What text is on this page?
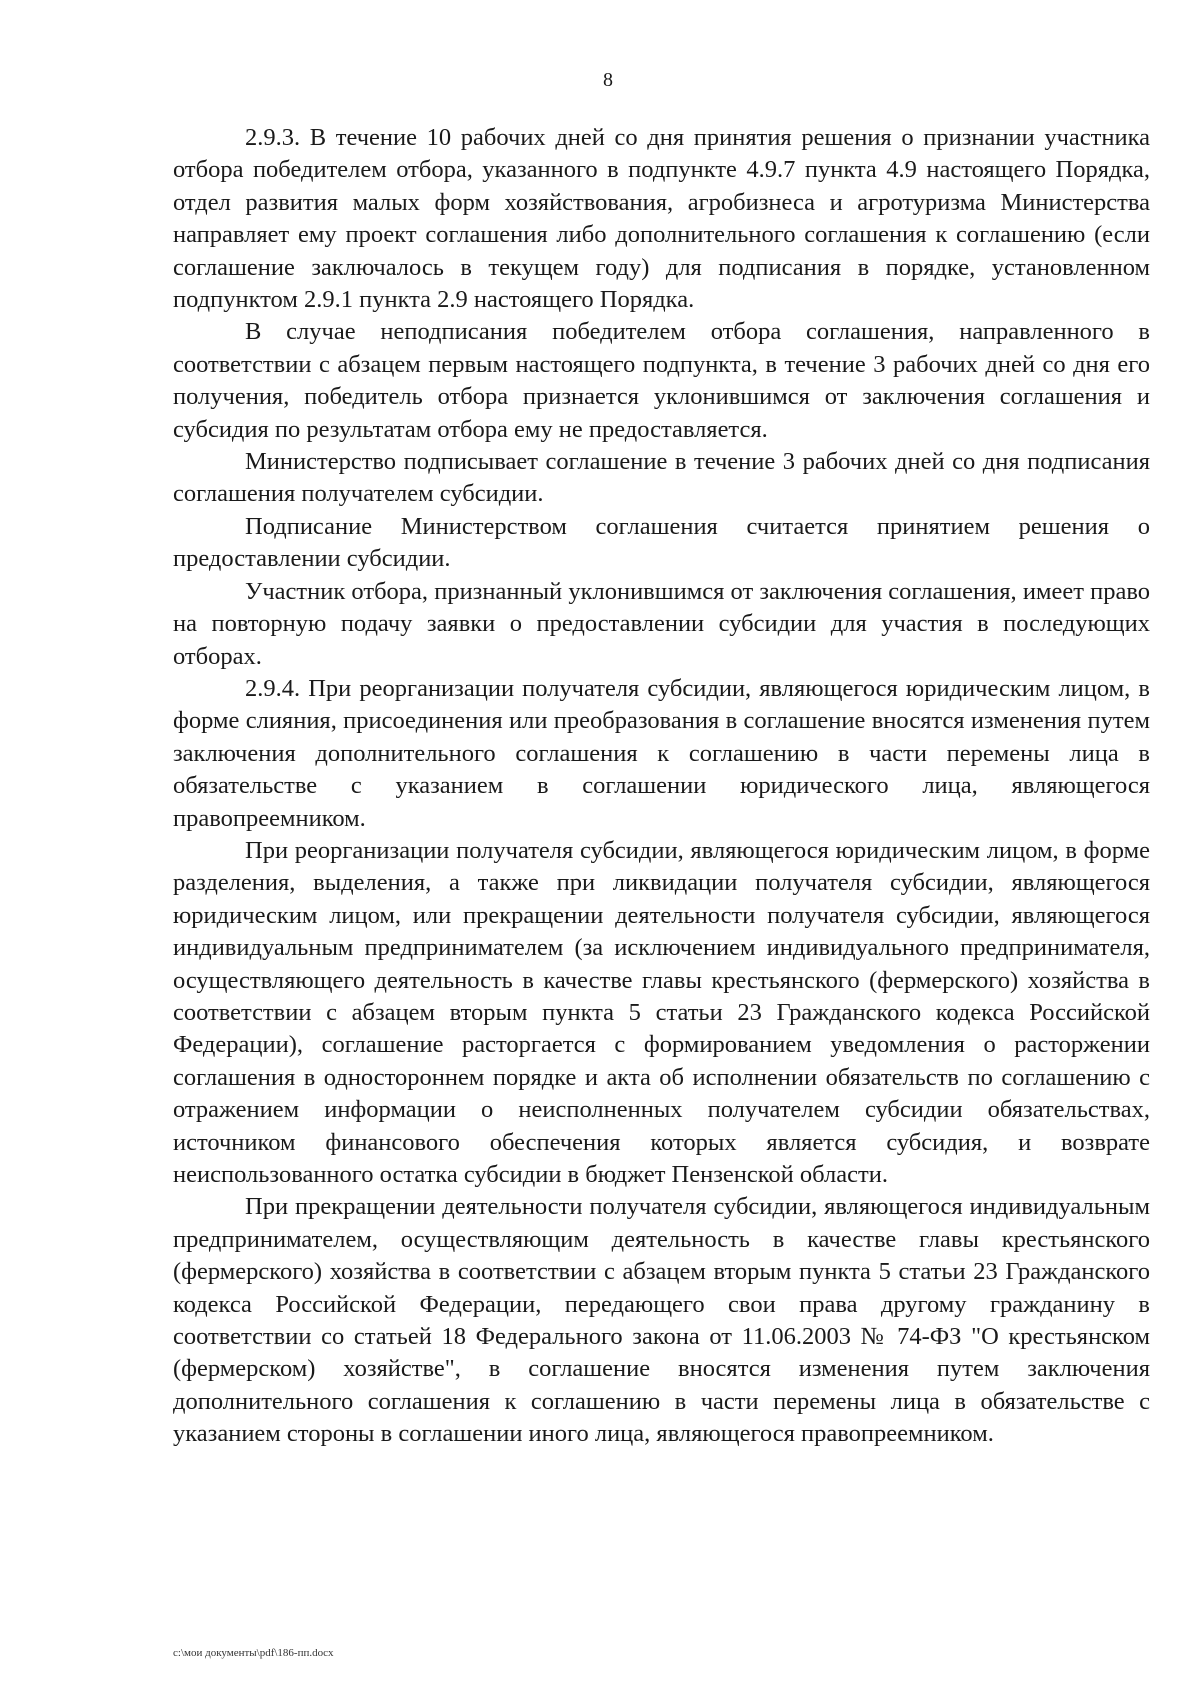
8

2.9.3. В течение 10 рабочих дней со дня принятия решения о признании участника отбора победителем отбора, указанного в подпункте 4.9.7 пункта 4.9 настоящего Порядка, отдел развития малых форм хозяйствования, агробизнеса и агротуризма Министерства направляет ему проект соглашения либо дополнительного соглашения к соглашению (если соглашение заключалось в текущем году) для подписания в порядке, установленном подпунктом 2.9.1 пункта 2.9 настоящего Порядка.

В случае неподписания победителем отбора соглашения, направленного в соответствии с абзацем первым настоящего подпункта, в течение 3 рабочих дней со дня его получения, победитель отбора признается уклонившимся от заключения соглашения и субсидия по результатам отбора ему не предоставляется.

Министерство подписывает соглашение в течение 3 рабочих дней со дня подписания соглашения получателем субсидии.

Подписание Министерством соглашения считается принятием решения о предоставлении субсидии.

Участник отбора, признанный уклонившимся от заключения соглашения, имеет право на повторную подачу заявки о предоставлении субсидии для участия в последующих отборах.

2.9.4. При реорганизации получателя субсидии, являющегося юридическим лицом, в форме слияния, присоединения или преобразования в соглашение вносятся изменения путем заключения дополнительного соглашения к соглашению в части перемены лица в обязательстве с указанием в соглашении юридического лица, являющегося правопреемником.

При реорганизации получателя субсидии, являющегося юридическим лицом, в форме разделения, выделения, а также при ликвидации получателя субсидии, являющегося юридическим лицом, или прекращении деятельности получателя субсидии, являющегося индивидуальным предпринимателем (за исключением индивидуального предпринимателя, осуществляющего деятельность в качестве главы крестьянского (фермерского) хозяйства в соответствии с абзацем вторым пункта 5 статьи 23 Гражданского кодекса Российской Федерации), соглашение расторгается с формированием уведомления о расторжении соглашения в одностороннем порядке и акта об исполнении обязательств по соглашению с отражением информации о неисполненных получателем субсидии обязательствах, источником финансового обеспечения которых является субсидия, и возврате неиспользованного остатка субсидии в бюджет Пензенской области.

При прекращении деятельности получателя субсидии, являющегося индивидуальным предпринимателем, осуществляющим деятельность в качестве главы крестьянского (фермерского) хозяйства в соответствии с абзацем вторым пункта 5 статьи 23 Гражданского кодекса Российской Федерации, передающего свои права другому гражданину в соответствии со статьей 18 Федерального закона от 11.06.2003 № 74-ФЗ "О крестьянском (фермерском) хозяйстве", в соглашение вносятся изменения путем заключения дополнительного соглашения к соглашению в части перемены лица в обязательстве с указанием стороны в соглашении иного лица, являющегося правопреемником.

c:\мои документы\pdf\186-пп.docx
